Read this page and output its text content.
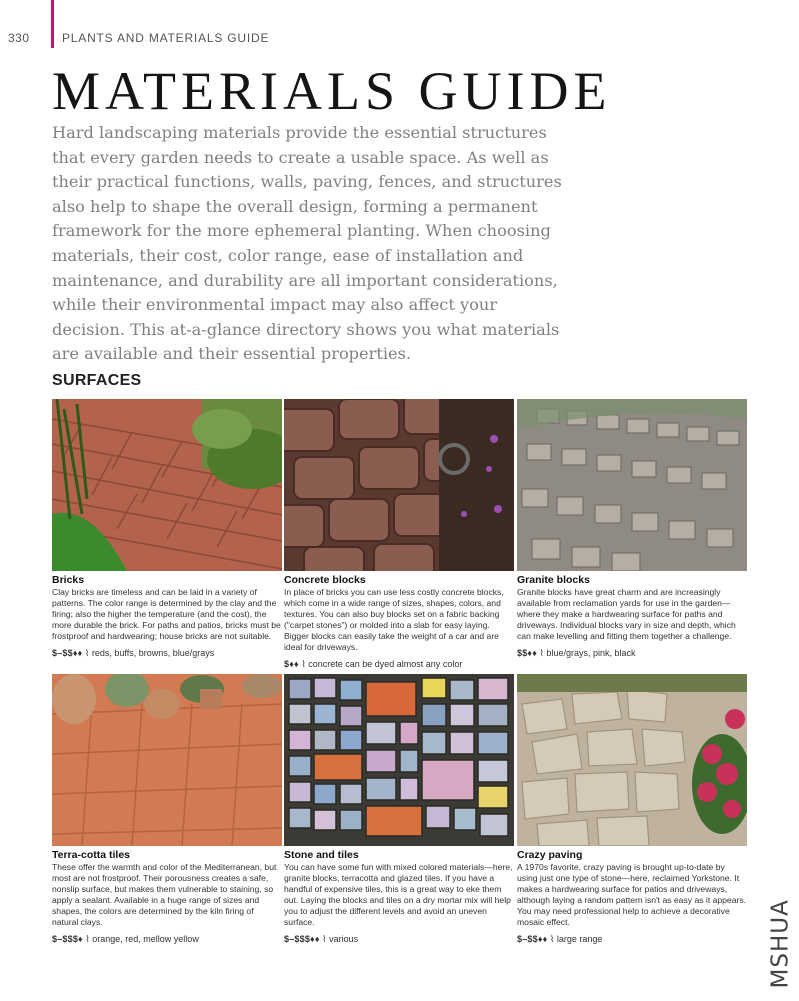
330	PLANTS AND MATERIALS GUIDE
MATERIALS GUIDE

Hard landscaping materials provide the essential structures that every garden needs to create a usable space. As well as their practical functions, walls, paving, fences, and structures also help to shape the overall design, forming a permanent framework for the more ephemeral planting. When choosing materials, their cost, color range, ease of installation and maintenance, and durability are all important considerations, while their environmental impact may also affect your decision. This at-a-glance directory shows you what materials are available and their essential properties.

SURFACES
Bricks
Clay bricks are timeless and can be laid in a variety of patterns. The color range is determined by the clay and the firing; also the higher the temperature (and the cost), the more durable the brick. For paths and patios, bricks must be frostproof and hardwearing; house bricks are not suitable.
$–$$♦♦ ⌇ reds, buffs, browns, blue/grays
Concrete blocks
In place of bricks you can use less costly concrete blocks, which come in a wide range of sizes, shapes, colors, and textures. You can also buy blocks set on a fabric backing ("carpet stones") or molded into a slab for easy laying. Bigger blocks can easily take the weight of a car and are ideal for driveways.
$♦♦ ⌇ concrete can be dyed almost any color
Granite blocks
Granite blocks have great charm and are increasingly available from reclamation yards for use in the garden—where they make a hardwearing surface for paths and driveways. Individual blocks vary in size and depth, which can make levelling and fitting them together a challenge.
$$♦♦ ⌇ blue/grays, pink, black
Terra-cotta tiles
These offer the warmth and color of the Mediterranean, but most are not frostproof. Their porousness creates a safe, nonslip surface, but makes them vulnerable to staining, so apply a sealant. Available in a huge range of sizes and shapes, the colors are determined by the kiln firing of natural clays.
$–$$$♦ ⌇ orange, red, mellow yellow
Stone and tiles
You can have some fun with mixed colored materials—here, granite blocks, terracotta and glazed tiles. If you have a handful of expensive tiles, this is a great way to eke them out. Laying the blocks and tiles on a dry mortar mix will help you to adjust the different levels and avoid an uneven surface.
$–$$$♦♦ ⌇ various
Crazy paving
A 1970s favorite, crazy paving is brought up-to-date by using just one type of stone—here, reclaimed Yorkstone. It makes a hardwearing surface for patios and driveways, although laying a random pattern isn't as easy as it appears. You may need professional help to achieve a decorative mosaic effect.
$–$$♦♦ ⌇ large range	MSHUA
